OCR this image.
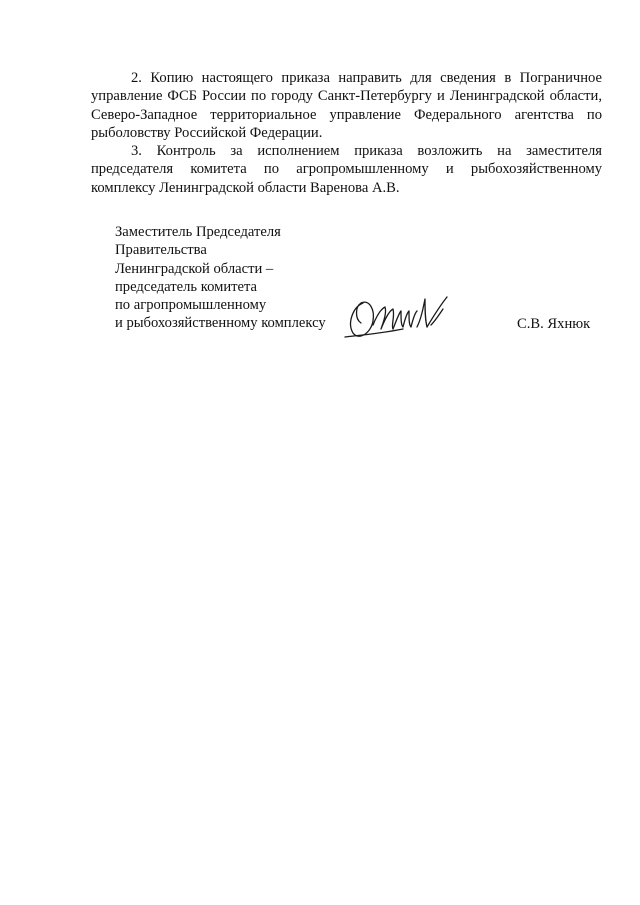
2. Копию настоящего приказа направить для сведения в Пограничное управление ФСБ России по городу Санкт-Петербургу и Ленинградской области, Северо-Западное территориальное управление Федерального агентства по рыболовству Российской Федерации.

3. Контроль за исполнением приказа возложить на заместителя председателя комитета по агропромышленному и рыбохозяйственному комплексу Ленинградской области Варенова А.В.

Заместитель Председателя
Правительства
Ленинградской области –
председатель комитета
по агропромышленному
и рыбохозяйственному комплексу	С.В. Яхнюк
